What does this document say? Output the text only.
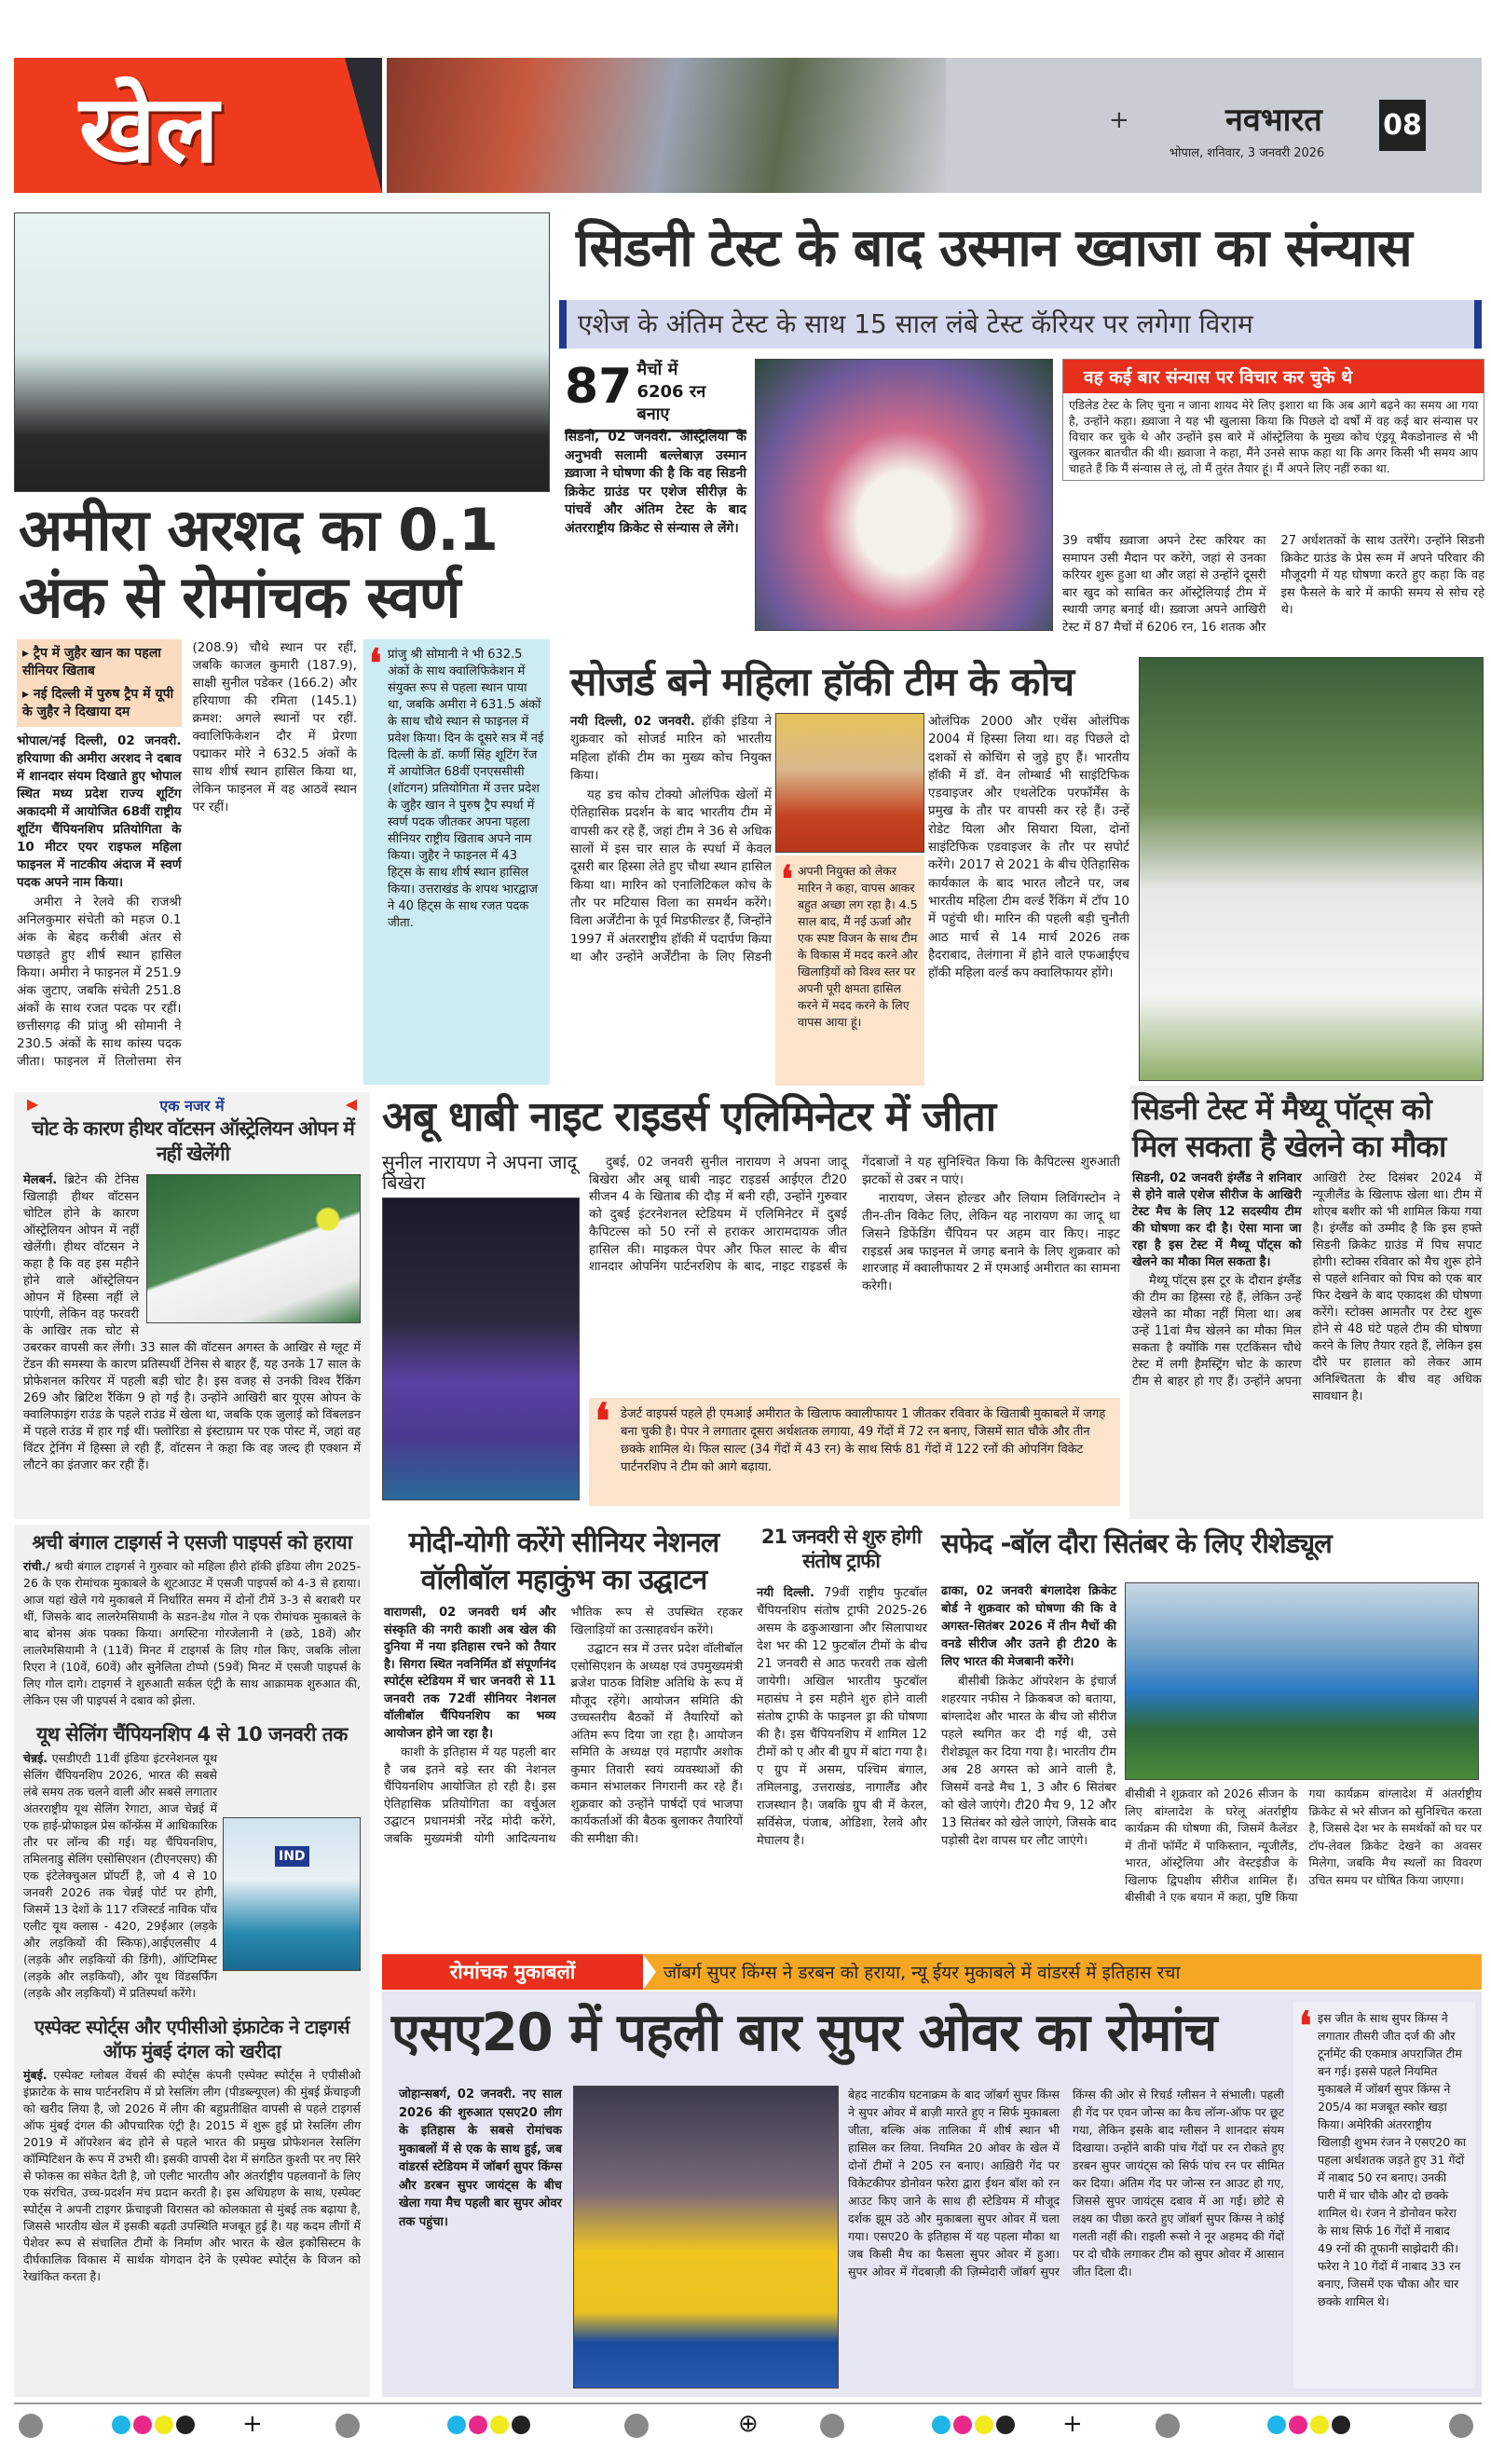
खेल	+	नवभारत
भोपाल, शनिवार, 3 जनवरी 2026
08
अमीरा अरशद का 0.1 अंक से रोमांचक स्वर्ण
▸ ट्रैप में जुहैर खान का पहला सीनियर खिताब
▸ नई दिल्ली में पुरुष ट्रैप में यूपी के जुहैर ने दिखाया दम

भोपाल/नई दिल्ली, 02 जनवरी. हरियाणा की अमीरा अरशद ने दबाव में शानदार संयम दिखाते हुए भोपाल स्थित मध्य प्रदेश राज्य शूटिंग अकादमी में आयोजित 68वीं राष्ट्रीय शूटिंग चैंपियनशिप प्रतियोगिता के 10 मीटर एयर राइफल महिला फाइनल में नाटकीय अंदाज में स्वर्ण पदक अपने नाम किया।

अमीरा ने रेलवे की राजश्री अनिलकुमार संचेती को महज 0.1 अंक के बेहद करीबी अंतर से पछाड़ते हुए शीर्ष स्थान हासिल किया। अमीरा ने फाइनल में 251.9 अंक जुटाए, जबकि संचेती 251.8 अंकों के साथ रजत पदक पर रहीं। छत्तीसगढ़ की प्रांजु श्री सोमानी ने 230.5 अंकों के साथ कांस्य पदक जीता। फाइनल में तिलोत्तमा सेन (208.9) चौथे स्थान पर रहीं, जबकि काजल कुमारी (187.9), साक्षी सुनील पडेकर (166.2) और हरियाणा की रमिता (145.1) क्रमश: अगले स्थानों पर रहीं. क्वालिफिकेशन दौर में प्रेरणा पद्माकर मोरे ने 632.5 अंकों के साथ शीर्ष स्थान हासिल किया था, लेकिन फाइनल में वह आठवें स्थान पर रहीं।

❛ प्रांजु श्री सोमानी ने भी 632.5 अंकों के साथ क्वालिफिकेशन में संयुक्त रूप से पहला स्थान पाया था, जबकि अमीरा ने 631.5 अंकों के साथ चौथे स्थान से फाइनल में प्रवेश किया। दिन के दूसरे सत्र में नई दिल्ली के डॉ. कर्णी सिंह शूटिंग रेंज में आयोजित 68वीं एनएससीसी (शॉटगन) प्रतियोगिता में उत्तर प्रदेश के जुहैर खान ने पुरुष ट्रैप स्पर्धा में स्वर्ण पदक जीतकर अपना पहला सीनियर राष्ट्रीय खिताब अपने नाम किया। जुहैर ने फाइनल में 43 हिट्स के साथ शीर्ष स्थान हासिल किया। उत्तराखंड के शपथ भारद्वाज ने 40 हिट्स के साथ रजत पदक जीता.
सिडनी टेस्ट के बाद उस्मान ख्वाजा का संन्यास
एशेज के अंतिम टेस्ट के साथ 15 साल लंबे टेस्ट कॅरियर पर लगेगा विराम
87 मैचों में 6206 रन बनाए

सिडनी, 02 जनवरी. ऑस्ट्रेलिया के अनुभवी सलामी बल्लेबाज़ उस्मान ख़्वाजा ने घोषणा की है कि वह सिडनी क्रिकेट ग्राउंड पर एशेज सीरीज़ के पांचवें और अंतिम टेस्ट के बाद अंतरराष्ट्रीय क्रिकेट से संन्यास ले लेंगे।

वह कई बार संन्यास पर विचार कर चुके थे
एडिलेड टेस्ट के लिए चुना न जाना शायद मेरे लिए इशारा था कि अब आगे बढ़ने का समय आ गया है, उन्होंने कहा। ख़्वाजा ने यह भी खुलासा किया कि पिछले दो वर्षों में वह कई बार संन्यास पर विचार कर चुके थे और उन्होंने इस बारे में ऑस्ट्रेलिया के मुख्य कोच एंड्रयू मैकडोनाल्ड से भी खुलकर बातचीत की थी। ख़्वाजा ने कहा, मैंने उनसे साफ कहा था कि अगर किसी भी समय आप चाहते हैं कि मैं संन्यास ले लूं, तो मैं तुरंत तैयार हूं। मैं अपने लिए नहीं रुका था.

39 वर्षीय ख़्वाजा अपने टेस्ट करियर का समापन उसी मैदान पर करेंगे, जहां से उनका करियर शुरू हुआ था और जहां से उन्होंने दूसरी बार खुद को साबित कर ऑस्ट्रेलियाई टीम में स्थायी जगह बनाई थी। ख़्वाजा अपने आखिरी टेस्ट में 87 मैचों में 6206 रन, 16 शतक और 27 अर्धशतकों के साथ उतरेंगे। उन्होंने सिडनी क्रिकेट ग्राउंड के प्रेस रूम में अपने परिवार की मौजूदगी में यह घोषणा करते हुए कहा कि वह इस फैसले के बारे में काफी समय से सोच रहे थे।

सोजर्ड बने महिला हॉकी टीम के कोच

नयी दिल्ली, 02 जनवरी. हॉकी इंडिया ने शुक्रवार को सोजर्ड मारिन को भारतीय महिला हॉकी टीम का मुख्य कोच नियुक्त किया।

यह डच कोच टोक्यो ओलंपिक खेलों में ऐतिहासिक प्रदर्शन के बाद भारतीय टीम में वापसी कर रहे हैं, जहां टीम ने 36 से अधिक सालों में इस चार साल के स्पर्धा में केवल दूसरी बार हिस्सा लेते हुए चौथा स्थान हासिल किया था। मारिन को एनालिटिकल कोच के तौर पर मटियास विला का समर्थन करेंगे। विला अर्जेंटीना के पूर्व मिडफील्डर हैं, जिन्होंने 1997 में अंतरराष्ट्रीय हॉकी में पदार्पण किया था और उन्होंने अर्जेंटीना के लिए सिडनी ओलंपिक 2000 और एथेंस ओलंपिक 2004 में हिस्सा लिया था। वह पिछले दो दशकों से कोचिंग से जुड़े हुए हैं। भारतीय हॉकी में डॉ. वेन लोम्बार्ड भी साइंटिफिक एडवाइजर और एथलेटिक परफॉर्मेंस के प्रमुख के तौर पर वापसी कर रहे हैं। उन्हें रोडेट यिला और सियारा यिला, दोनों साइंटिफिक एडवाइजर के तौर पर सपोर्ट करेंगे। 2017 से 2021 के बीच ऐतिहासिक कार्यकाल के बाद भारत लौटने पर, जब भारतीय महिला टीम वर्ल्ड रैंकिंग में टॉप 10 में पहुंची थी। मारिन की पहली बड़ी चुनौती आठ मार्च से 14 मार्च 2026 तक हैदराबाद, तेलंगाना में होने वाले एफआईएच हॉकी महिला वर्ल्ड कप क्वालिफायर होंगे।

❛ अपनी नियुक्त को लेकर मारिन ने कहा, वापस आकर बहुत अच्छा लग रहा है। 4.5 साल बाद, मैं नई ऊर्जा और एक स्पष्ट विजन के साथ टीम के विकास में मदद करने और खिलाड़ियों को विश्व स्तर पर अपनी पूरी क्षमता हासिल करने में मदद करने के लिए वापस आया हूं।
▶	एक नजर में	◀
चोट के कारण हीथर वॉटसन ऑस्ट्रेलियन ओपन में नहीं खेलेंगी
मेलबर्न. ब्रिटेन की टेनिस खिलाड़ी हीथर वॉटसन चोटिल होने के कारण ऑस्ट्रेलियन ओपन में नहीं खेलेंगी। हीथर वॉटसन ने कहा है कि वह इस महीने होने वाले ऑस्ट्रेलियन ओपन में हिस्सा नहीं ले पाएंगी, लेकिन वह फरवरी के आखिर तक चोट से उबरकर वापसी कर लेंगी। 33 साल की वॉटसन अगस्त के आखिर से ग्लूट में टेंडन की समस्या के कारण प्रतिस्पर्धी टेनिस से बाहर हैं, यह उनके 17 साल के प्रोफेशनल करियर में पहली बड़ी चोट है। इस वजह से उनकी विश्व रैंकिंग 269 और ब्रिटिश रैंकिंग 9 हो गई है। उन्होंने आखिरी बार यूएस ओपन के क्वालिफाइंग राउंड के पहले राउंड में खेला था, जबकि एक जुलाई को विंबलडन में पहले राउंड में हार गई थीं। फ्लोरिडा से इंस्टाग्राम पर एक पोस्ट में, जहां वह विंटर ट्रेनिंग में हिस्सा ले रही हैं, वॉटसन ने कहा कि वह जल्द ही एक्शन में लौटने का इंतजार कर रही हैं।
अबू धाबी नाइट राइडर्स एलिमिनेटर में जीता
सुनील नारायण ने अपना जादू बिखेरा

दुबई, 02 जनवरी सुनील नारायण ने अपना जादू बिखेरा और अबू धाबी नाइट राइडर्स आईएल टी20 सीजन 4 के खिताब की दौड़ में बनी रही, उन्होंने गुरुवार को दुबई इंटरनेशनल स्टेडियम में एलिमिनेटर में दुबई कैपिटल्स को 50 रनों से हराकर आरामदायक जीत हासिल की। माइकल पेपर और फिल साल्ट के बीच शानदार ओपनिंग पार्टनरशिप के बाद, नाइट राइडर्स के गेंदबाजों ने यह सुनिश्चित किया कि कैपिटल्स शुरुआती झटकों से उबर न पाएं।

नारायण, जेसन होल्डर और लियाम लिविंगस्टोन ने तीन-तीन विकेट लिए, लेकिन यह नारायण का जादू था जिसने डिफेंडिंग चैंपियन पर अहम वार किए। नाइट राइडर्स अब फाइनल में जगह बनाने के लिए शुक्रवार को शारजाह में क्वालीफायर 2 में एमआई अमीरात का सामना करेगी।

❛ डेजर्ट वाइपर्स पहले ही एमआई अमीरात के खिलाफ क्वालीफायर 1 जीतकर रविवार के खिताबी मुकाबले में जगह बना चुकी है। पेपर ने लगातार दूसरा अर्धशतक लगाया, 49 गेंदों में 72 रन बनाए, जिसमें सात चौके और तीन छक्के शामिल थे। फिल साल्ट (34 गेंदों में 43 रन) के साथ सिर्फ 81 गेंदों में 122 रनों की ओपनिंग विकेट पार्टनरशिप ने टीम को आगे बढ़ाया.
सिडनी टेस्ट में मैथ्यू पॉट्स को मिल सकता है खेलने का मौका

सिडनी, 02 जनवरी इंग्लैंड ने शनिवार से होने वाले एशेज सीरीज के आखिरी टेस्ट मैच के लिए 12 सदस्यीय टीम की घोषणा कर दी है। ऐसा माना जा रहा है इस टेस्ट में मैथ्यू पॉट्स को खेलने का मौका मिल सकता है।

मैथ्यू पॉट्स इस टूर के दौरान इंग्लैंड की टीम का हिस्सा रहे हैं, लेकिन उन्हें खेलने का मौका नहीं मिला था। अब उन्हें 11वां मैच खेलने का मौका मिल सकता है क्योंकि गस एटकिंसन चौथे टेस्ट में लगी हैमस्ट्रिंग चोट के कारण टीम से बाहर हो गए हैं। उन्होंने अपना आखिरी टेस्ट दिसंबर 2024 में न्यूजीलैंड के खिलाफ खेला था। टीम में शोएब बशीर को भी शामिल किया गया है। इंग्लैंड को उम्मीद है कि इस हफ्ते सिडनी क्रिकेट ग्राउंड में पिच सपाट होगी। स्टोक्स रविवार को मैच शुरू होने से पहले शनिवार को पिच को एक बार फिर देखने के बाद एकादश की घोषणा करेंगे। स्टोक्स आमतौर पर टेस्ट शुरू होने से 48 घंटे पहले टीम की घोषणा करने के लिए तैयार रहते हैं, लेकिन इस दौरे पर हालात को लेकर आम अनिश्चितता के बीच वह अधिक सावधान है।

श्रची बंगाल टाइगर्स ने एसजी पाइपर्स को हराया
रांची./ श्रची बंगाल टाइगर्स ने गुरुवार को महिला हीरो हॉकी इंडिया लीग 2025-26 के एक रोमांचक मुकाबले के शूटआउट में एसजी पाइपर्स को 4-3 से हराया। आज यहां खेले गये मुकाबले में निर्धारित समय में दोनों टीमें 3-3 से बराबरी पर थीं, जिसके बाद लालरेमसियामी के सडन-डेथ गोल ने एक रोमांचक मुकाबले के बाद बोनस अंक पक्का किया। अगस्टिना गोरजेलानी ने (छठे, 18वें) और लालरेमसियामी ने (11वें) मिनट में टाइगर्स के लिए गोल किए, जबकि लोला रिएरा ने (10वें, 60वें) और सुनेलिता टोप्पो (59वें) मिनट में एसजी पाइपर्स के लिए गोल दागे। टाइगर्स ने शुरुआती सर्कल एंट्री के साथ आक्रामक शुरुआत की, लेकिन एस जी पाइपर्स ने दबाव को झेला.
यूथ सेलिंग चैंपियनशिप 4 से 10 जनवरी तक
IND
चेन्नई. एसडीएटी 11वीं इंडिया इंटरनेशनल यूथ सेलिंग चैंपियनशिप 2026, भारत की सबसे लंबे समय तक चलने वाली और सबसे लगातार अंतरराष्ट्रीय यूथ सेलिंग रेगाटा, आज चेन्नई में एक हाई-प्रोफाइल प्रेस कॉन्फ्रेंस में आधिकारिक तौर पर लॉन्च की गई। यह चैंपियनशिप, तमिलनाडु सेलिंग एसोसिएशन (टीएनएसए) की एक इंटेलेक्चुअल प्रॉपर्टी है, जो 4 से 10 जनवरी 2026 तक चेन्नई पोर्ट पर होगी, जिसमें 13 देशों के 117 रजिस्टर्ड नाविक पाँच एलीट यूथ क्लास - 420, 29ईआर (लड़के और लड़कियों की स्किफ),आईएलसीए 4 (लड़के और लड़कियों की डिंगी), ऑप्टिमिस्ट (लड़के और लड़कियाँ), और यूथ विंडसर्फिंग (लड़के और लड़कियाँ) में प्रतिस्पर्धा करेंगे।
एस्पेक्ट स्पोर्ट्स और एपीसीओ इंफ्राटेक ने टाइगर्स ऑफ मुंबई दंगल को खरीदा
मुंबई. एस्पेक्ट ग्लोबल वेंचर्स की स्पोर्ट्स कंपनी एस्पेक्ट स्पोर्ट्स ने एपीसीओ इंफ्राटेक के साथ पार्टनरशिप में प्रो रेसलिंग लीग (पीडब्ल्यूएल) की मुंबई फ्रेंचाइजी को खरीद लिया है, जो 2026 में लीग की बहुप्रतीक्षित वापसी से पहले टाइगर्स ऑफ मुंबई दंगल की औपचारिक एंट्री है। 2015 में शुरू हुई प्रो रेसलिंग लीग 2019 में ऑपरेशन बंद होने से पहले भारत की प्रमुख प्रोफेशनल रेसलिंग कॉम्पिटिशन के रूप में उभरी थी। इसकी वापसी देश में संगठित कुश्ती पर नए सिरे से फोकस का संकेत देती है, जो एलीट भारतीय और अंतर्राष्ट्रीय पहलवानों के लिए एक संरचित, उच्च-प्रदर्शन मंच प्रदान करती है। इस अधिग्रहण के साथ, एस्पेक्ट स्पोर्ट्स ने अपनी टाइगर फ्रेंचाइजी विरासत को कोलकाता से मुंबई तक बढ़ाया है, जिससे भारतीय खेल में इसकी बढ़ती उपस्थिति मजबूत हुई है। यह कदम लीगों में पेशेवर रूप से संचालित टीमों के निर्माण और भारत के खेल इकोसिस्टम के दीर्घकालिक विकास में सार्थक योगदान देने के एस्पेक्ट स्पोर्ट्स के विजन को रेखांकित करता है।
मोदी-योगी करेंगे सीनियर नेशनल वॉलीबॉल महाकुंभ का उद्घाटन

वाराणसी, 02 जनवरी धर्म और संस्कृति की नगरी काशी अब खेल की दुनिया में नया इतिहास रचने को तैयार है। सिगरा स्थित नवनिर्मित डॉ संपूर्णानंद स्पोर्ट्स स्टेडियम में चार जनवरी से 11 जनवरी तक 72वीं सीनियर नेशनल वॉलीबॉल चैंपियनशिप का भव्य आयोजन होने जा रहा है।

काशी के इतिहास में यह पहली बार है जब इतने बड़े स्तर की नेशनल चैंपियनशिप आयोजित हो रही है। इस ऐतिहासिक प्रतियोगिता का वर्चुअल उद्घाटन प्रधानमंत्री नरेंद्र मोदी करेंगे, जबकि मुख्यमंत्री योगी आदित्यनाथ भौतिक रूप से उपस्थित रहकर खिलाड़ियों का उत्साहवर्धन करेंगे।

उद्घाटन सत्र में उत्तर प्रदेश वॉलीबॉल एसोसिएशन के अध्यक्ष एवं उपमुख्यमंत्री ब्रजेश पाठक विशिष्ट अतिथि के रूप में मौजूद रहेंगे। आयोजन समिति की उच्चस्तरीय बैठकों में तैयारियों को अंतिम रूप दिया जा रहा है। आयोजन समिति के अध्यक्ष एवं महापौर अशोक कुमार तिवारी स्वयं व्यवस्थाओं की कमान संभालकर निगरानी कर रहे हैं। शुक्रवार को उन्होंने पार्षदों एवं भाजपा कार्यकर्ताओं की बैठक बुलाकर तैयारियों की समीक्षा की।

21 जनवरी से शुरु होगी संतोष ट्राफी
नयी दिल्ली. 79वीं राष्ट्रीय फुटबॉल चैंपियनशिप संतोष ट्राफी 2025-26 असम के ढकुआखाना और सिलापाथर देश भर की 12 फुटबॉल टीमों के बीच 21 जनवरी से आठ फरवरी तक खेली जायेगी। अखिल भारतीय फुटबॉल महासंघ ने इस महीने शुरु होने वाली संतोष ट्राफी के फाइनल ड्रा की घोषणा की है। इस चैंपियनशिप में शामिल 12 टीमों को ए और बी ग्रुप में बांटा गया है। ए ग्रुप में असम, पश्चिम बंगाल, तमिलनाडु, उत्तराखंड, नागालैंड और राजस्थान है। जबकि ग्रुप बी में केरल, सर्विसेज, पंजाब, ओडिशा, रेलवे और मेघालय है।
सफेद -बॉल दौरा सितंबर के लिए रीशेड्यूल

ढाका, 02 जनवरी बंगलादेश क्रिकेट बोर्ड ने शुक्रवार को घोषणा की कि वे अगस्त-सितंबर 2026 में तीन मैचों की वनडे सीरीज और उतने ही टी20 के लिए भारत की मेजबानी करेंगे।

बीसीबी क्रिकेट ऑपरेशन के इंचार्ज शहरयार नफीस ने क्रिकबज को बताया, बांग्लादेश और भारत के बीच जो सीरीज पहले स्थगित कर दी गई थी, उसे रीशेड्यूल कर दिया गया है। भारतीय टीम अब 28 अगस्त को आने वाली है, जिसमें वनडे मैच 1, 3 और 6 सितंबर को खेले जाएंगे। टी20 मैच 9, 12 और 13 सितंबर को खेले जाएंगे, जिसके बाद पड़ोसी देश वापस घर लौट जाएंगे।

बीसीबी ने शुक्रवार को 2026 सीजन के लिए बांग्लादेश के घरेलू अंतर्राष्ट्रीय कार्यक्रम की घोषणा की, जिसमें कैलेंडर में तीनों फॉर्मेट में पाकिस्तान, न्यूजीलैंड, भारत, ऑस्ट्रेलिया और वेस्टइंडीज के खिलाफ द्विपक्षीय सीरीज शामिल हैं। बीसीबी ने एक बयान में कहा, पुष्टि किया गया कार्यक्रम बांग्लादेश में अंतर्राष्ट्रीय क्रिकेट से भरे सीजन को सुनिश्चित करता है, जिससे देश भर के समर्थकों को घर पर टॉप-लेवल क्रिकेट देखने का अवसर मिलेगा, जबकि मैच स्थलों का विवरण उचित समय पर घोषित किया जाएगा।

रोमांचक मुकाबलों	जॉबर्ग सुपर किंग्स ने डरबन को हराया, न्यू ईयर मुकाबले में वांडरर्स में इतिहास रचा
एसए20 में पहली बार सुपर ओवर का रोमांच

जोहान्सबर्ग, 02 जनवरी. नए साल 2026 की शुरुआत एसए20 लीग के इतिहास के सबसे रोमांचक मुकाबलों में से एक के साथ हुई, जब वांडरर्स स्टेडियम में जॉबर्ग सुपर किंग्स और डरबन सुपर जायंट्स के बीच खेला गया मैच पहली बार सुपर ओवर तक पहुंचा।

बेहद नाटकीय घटनाक्रम के बाद जॉबर्ग सुपर किंग्स ने सुपर ओवर में बाज़ी मारते हुए न सिर्फ मुकाबला जीता, बल्कि अंक तालिका में शीर्ष स्थान भी हासिल कर लिया. नियमित 20 ओवर के खेल में दोनों टीमों ने 205 रन बनाए। आख़िरी गेंद पर विकेटकीपर डोनोवन फरेरा द्वारा ईथन बॉश को रन आउट किए जाने के साथ ही स्टेडियम में मौजूद दर्शक झूम उठे और मुकाबला सुपर ओवर में चला गया। एसए20 के इतिहास में यह पहला मौका था जब किसी मैच का फैसला सुपर ओवर में हुआ। सुपर ओवर में गेंदबाज़ी की ज़िम्मेदारी जॉबर्ग सुपर किंग्स की ओर से रिचर्ड ग्लीसन ने संभाली। पहली ही गेंद पर एवन जोन्स का कैच लॉन्ग-ऑफ पर छूट गया, लेकिन इसके बाद ग्लीसन ने शानदार संयम दिखाया। उन्होंने बाकी पांच गेंदों पर रन रोकते हुए डरबन सुपर जायंट्स को सिर्फ पांच रन पर सीमित कर दिया। अंतिम गेंद पर जोन्स रन आउट हो गए, जिससे सुपर जायंट्स दबाव में आ गई। छोटे से लक्ष्य का पीछा करते हुए जॉबर्ग सुपर किंग्स ने कोई गलती नहीं की। राइली रूसो ने नूर अहमद की गेंदों पर दो चौके लगाकर टीम को सुपर ओवर में आसान जीत दिला दी।

❛ इस जीत के साथ सुपर किंग्स ने लगातार तीसरी जीत दर्ज की और टूर्नामेंट की एकमात्र अपराजित टीम बन गई। इससे पहले नियमित मुकाबले में जॉबर्ग सुपर किंग्स ने 205/4 का मजबूत स्कोर खड़ा किया। अमेरिकी अंतरराष्ट्रीय खिलाड़ी शुभम रंजन ने एसए20 का पहला अर्धशतक जड़ते हुए 31 गेंदों में नाबाद 50 रन बनाए। उनकी पारी में चार चौके और दो छक्के शामिल थे। रंजन ने डोनोवन फरेरा के साथ सिर्फ 16 गेंदों में नाबाद 49 रनों की तूफानी साझेदारी की। फरेरा ने 10 गेंदों में नाबाद 33 रन बनाए, जिसमें एक चौका और चार छक्के शामिल थे।
+	⊕	+
